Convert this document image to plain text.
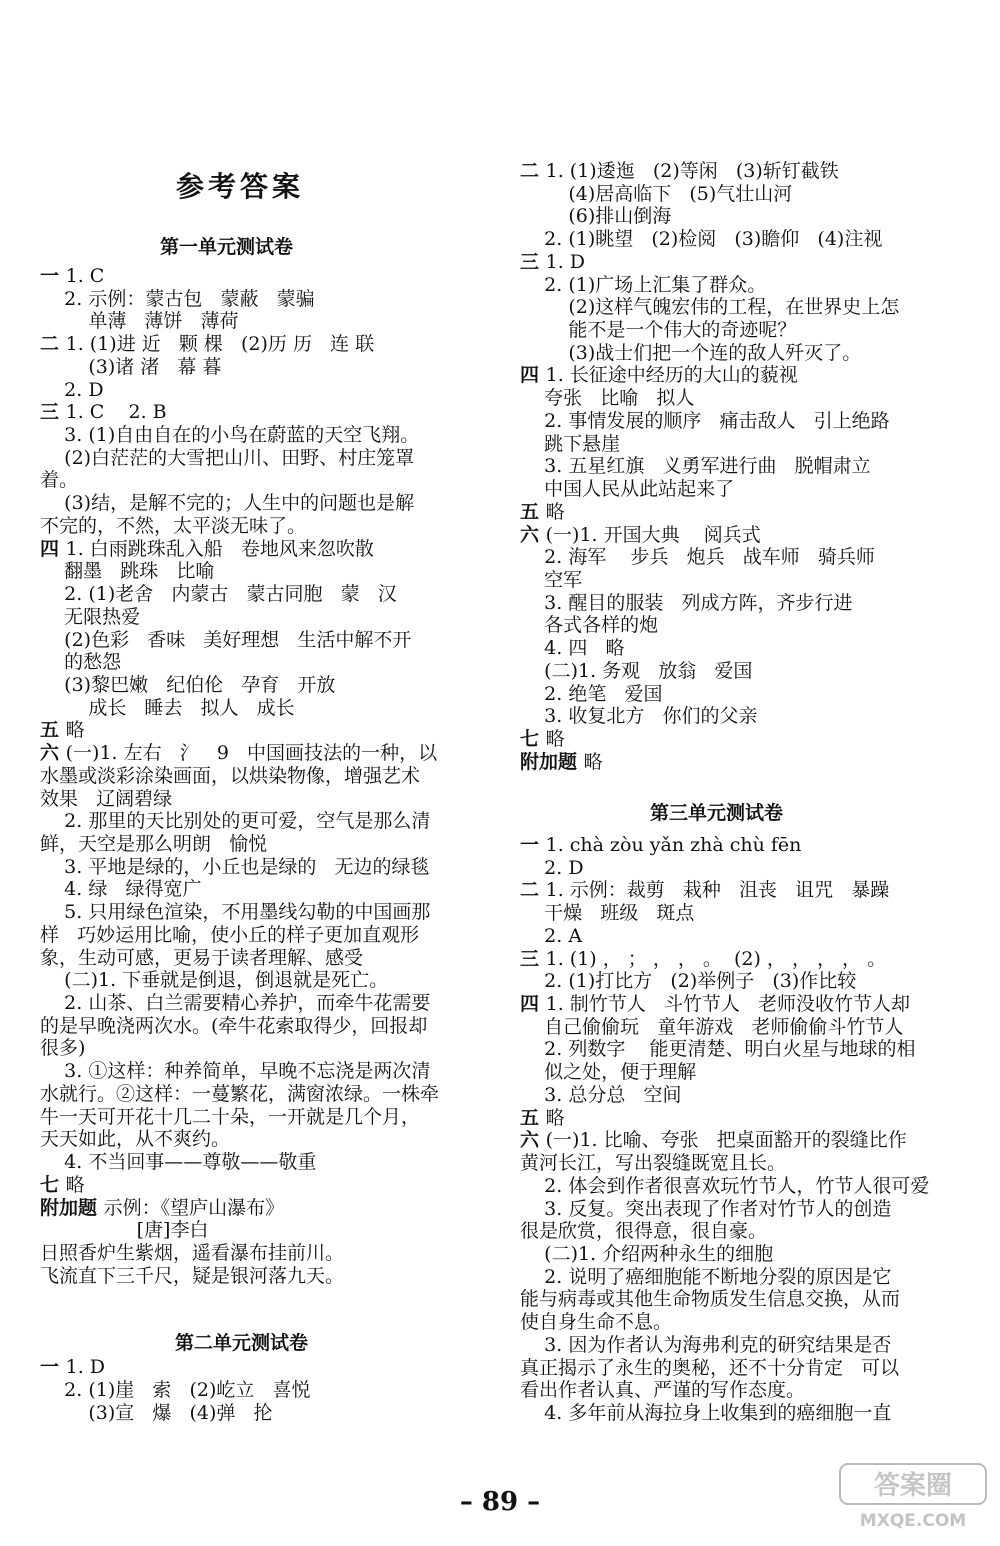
参考答案
一 1. C
2. 示例：蒙古包   蒙蔽   蒙骗
单薄   薄饼   薄荷
二 1. (1)进 近   颗 棵   (2)历 历   连 联
(3)诸 渚   幕 暮
2. D
三 1. C    2. B
3. (1)自由自在的小鸟在蔚蓝的天空飞翔。
(2)白茫茫的大雪把山川、田野、村庄笼罩
着。
(3)结，是解不完的；人生中的问题也是解
不完的，不然，太平淡无味了。
四 1. 白雨跳珠乱入船   卷地风来忽吹散
翻墨   跳珠   比喻
2. (1)老舍   内蒙古   蒙古同胞   蒙   汉
无限热爱
(2)色彩   香味   美好理想   生活中解不开
的愁怨
(3)黎巴嫩   纪伯伦   孕育   开放
成长   睡去   拟人   成长
五 略
六 (一)1. 左右   氵   9   中国画技法的一种，以
水墨或淡彩涂染画面，以烘染物像，增强艺术
效果   辽阔碧绿
2. 那里的天比别处的更可爱，空气是那么清
鲜，天空是那么明朗   愉悦
3. 平地是绿的，小丘也是绿的   无边的绿毯
4. 绿   绿得宽广
5. 只用绿色渲染，不用墨线勾勒的中国画那
样   巧妙运用比喻，使小丘的样子更加直观形
象，生动可感，更易于读者理解、感受
(二)1. 下垂就是倒退，倒退就是死亡。
2. 山茶、白兰需要精心养护，而牵牛花需要
的是早晚浇两次水。(牵牛花索取得少，回报却
很多)
3. ①这样：种养简单，早晚不忘浇是两次清
水就行。②这样：一蔓繁花，满窗浓绿。一株牵
牛一天可开花十几二十朵，一开就是几个月，
天天如此，从不爽约。
4. 不当回事——尊敬——敬重
七 略
附加题 示例：《望庐山瀑布》
[唐]李白
日照香炉生紫烟，遥看瀑布挂前川。
飞流直下三千尺，疑是银河落九天。
一 1. D
2. (1)崖   索   (2)屹立   喜悦
(3)宣   爆   (4)弹   抡
第一单元测试卷
第二单元测试卷
二 1. (1)逶迤   (2)等闲   (3)斩钉截铁
(4)居高临下   (5)气壮山河
(6)排山倒海
2. (1)眺望   (2)检阅   (3)瞻仰   (4)注视
三 1. D
2. (1)广场上汇集了群众。
(2)这样气魄宏伟的工程，在世界史上怎
能不是一个伟大的奇迹呢？
(3)战士们把一个连的敌人歼灭了。
四 1. 长征途中经历的大山的藐视
夸张   比喻   拟人
2. 事情发展的顺序   痛击敌人   引上绝路
跳下悬崖
3. 五星红旗   义勇军进行曲   脱帽肃立
中国人民从此站起来了
五 略
六 (一)1. 开国大典    阅兵式
2. 海军    步兵   炮兵   战车师   骑兵师
空军
3. 醒目的服装   列成方阵，齐步行进
各式各样的炮
4. 四   略
(二)1. 务观   放翁   爱国
2. 绝笔   爱国
3. 收复北方   你们的父亲
七 略
附加题 略
一 1. chà zòu yǎn zhà chù fēn
2. D
二 1. 示例：裁剪   栽种   沮丧   诅咒   暴躁
干燥   班级   斑点
2. A
三 1. (1) ， ； ， ， 。  (2) ， ， ， ， 。
2. (1)打比方   (2)举例子   (3)作比较
四 1. 制竹节人   斗竹节人   老师没收竹节人却
自己偷偷玩   童年游戏   老师偷偷斗竹节人
2. 列数字    能更清楚、明白火星与地球的相
似之处，便于理解
3. 总分总   空间
五 略
六 (一)1. 比喻、夸张   把桌面豁开的裂缝比作
黄河长江，写出裂缝既宽且长。
2. 体会到作者很喜欢玩竹节人，竹节人很可爱
3. 反复。突出表现了作者对竹节人的创造
很是欣赏，很得意，很自豪。
(二)1. 介绍两种永生的细胞
2. 说明了癌细胞能不断地分裂的原因是它
能与病毒或其他生命物质发生信息交换，从而
使自身生命不息。
3. 因为作者认为海弗利克的研究结果是否
真正揭示了永生的奥秘，还不十分肯定   可以
看出作者认真、严谨的写作态度。
4. 多年前从海拉身上收集到的癌细胞一直
第三单元测试卷
– 89 –
答案圈
MXQE.COM
